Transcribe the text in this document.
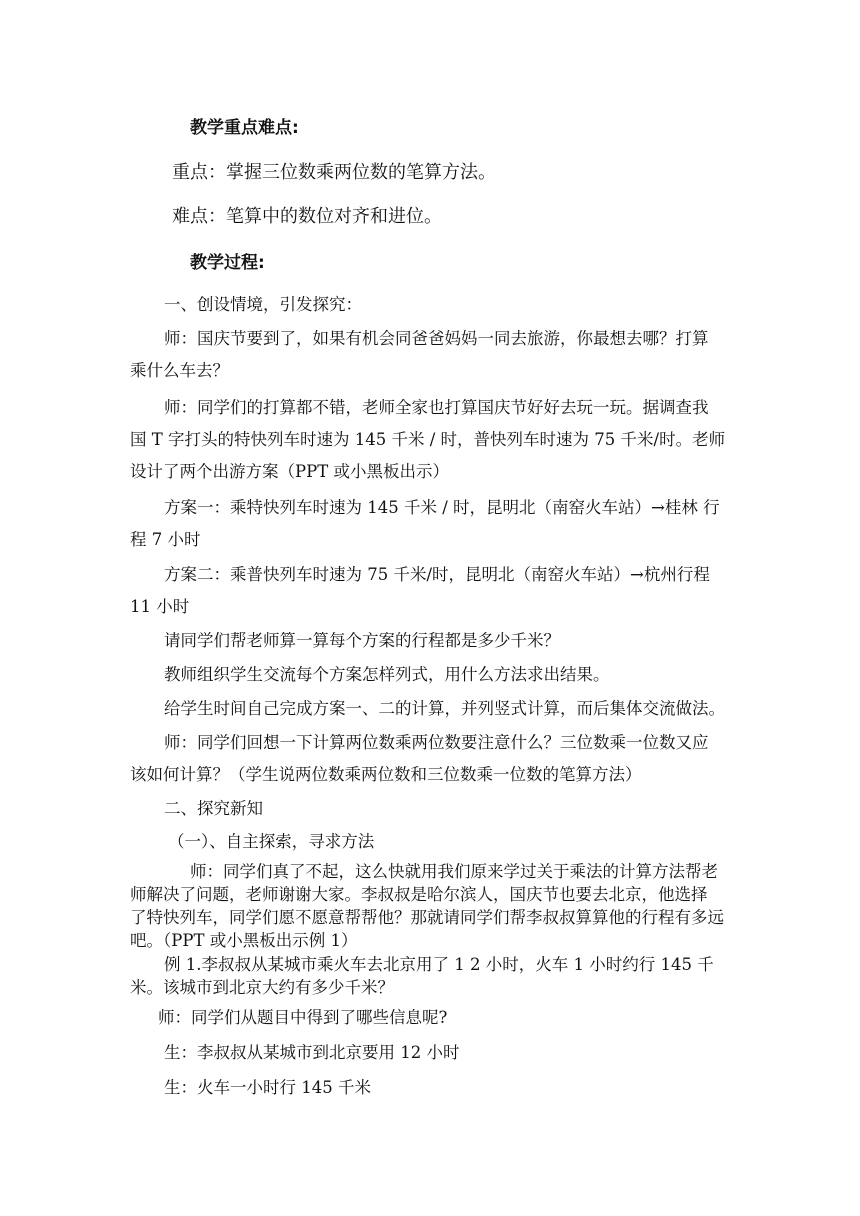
教学重点难点:
重点：掌握三位数乘两位数的笔算方法。
难点：笔算中的数位对齐和进位。
教学过程:
一、创设情境，引发探究：
师：国庆节要到了，如果有机会同爸爸妈妈一同去旅游，你最想去哪？打算
乘什么车去？
师：同学们的打算都不错，老师全家也打算国庆节好好去玩一玩。据调查我
国 T 字打头的特快列车时速为 145 千米 / 时，普快列车时速为 75 千米/时。老师
设计了两个出游方案（PPT 或小黑板出示）
方案一：乘特快列车时速为 145 千米 / 时，昆明北（南窑火车站）→桂林 行
程 7 小时
方案二：乘普快列车时速为 75 千米/时，昆明北（南窑火车站）→杭州行程
11 小时
请同学们帮老师算一算每个方案的行程都是多少千米？
教师组织学生交流每个方案怎样列式，用什么方法求出结果。
给学生时间自己完成方案一、二的计算，并列竖式计算，而后集体交流做法。
师：同学们回想一下计算两位数乘两位数要注意什么？三位数乘一位数又应
该如何计算？（学生说两位数乘两位数和三位数乘一位数的笔算方法）
二、探究新知
（一）、自主探索，寻求方法
师：同学们真了不起，这么快就用我们原来学过关于乘法的计算方法帮老
师解决了问题，老师谢谢大家。李叔叔是哈尔滨人，国庆节也要去北京，他选择
了特快列车，同学们愿不愿意帮帮他？那就请同学们帮李叔叔算算他的行程有多远
吧。（PPT 或小黑板出示例 1）
例 1.李叔叔从某城市乘火车去北京用了 1 2 小时，火车 1 小时约行 145 千
米。该城市到北京大约有多少千米？
师：同学们从题目中得到了哪些信息呢?
生：李叔叔从某城市到北京要用 12 小时
生：火车一小时行 145 千米
